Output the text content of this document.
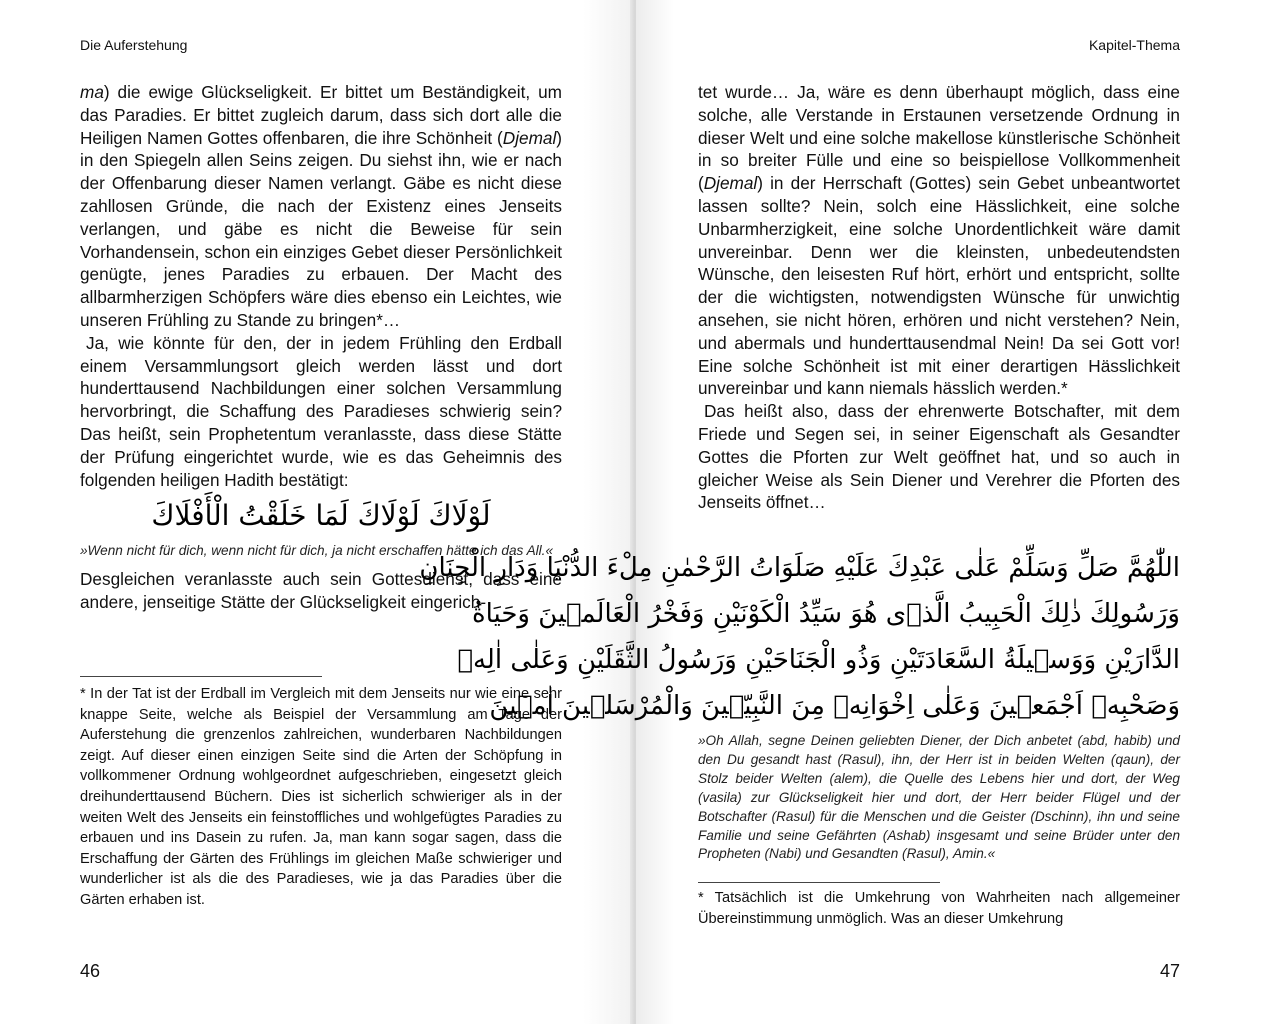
Die Auferstehung

ma) die ewige Glückseligkeit. Er bittet um Beständigkeit, um das Paradies. Er bittet zugleich darum, dass sich dort alle die Heiligen Namen Gottes offenbaren, die ihre Schönheit (Djemal) in den Spiegeln allen Seins zeigen. Du siehst ihn, wie er nach der Offenbarung dieser Namen verlangt. Gäbe es nicht diese zahllosen Gründe, die nach der Existenz eines Jenseits verlangen, und gäbe es nicht die Beweise für sein Vorhandensein, schon ein einziges Gebet dieser Persönlichkeit genügte, jenes Paradies zu erbauen. Der Macht des allbarmherzigen Schöpfers wäre dies ebenso ein Leichtes, wie unseren Frühling zu Stande zu bringen*…

Ja, wie könnte für den, der in jedem Frühling den Erdball einem Versammlungsort gleich werden lässt und dort hunderttausend Nachbildungen einer solchen Versammlung hervorbringt, die Schaffung des Paradieses schwierig sein? Das heißt, sein Prophetentum veranlasste, dass diese Stätte der Prüfung eingerichtet wurde, wie es das Geheimnis des folgenden heiligen Hadith bestätigt:

لَوْلَاكَ لَوْلَاكَ لَمَا خَلَقْتُ الْأَفْلَاكَ
»Wenn nicht für dich, wenn nicht für dich, ja nicht erschaffen hätte ich das All.«

Desgleichen veranlasste auch sein Gottesdienst, dass eine andere, jenseitige Stätte der Glückseligkeit eingerich-

* In der Tat ist der Erdball im Vergleich mit dem Jenseits nur wie eine sehr knappe Seite, welche als Beispiel der Versammlung am Tage der Auferstehung die grenzenlos zahlreichen, wunderbaren Nachbildungen zeigt. Auf dieser einen einzigen Seite sind die Arten der Schöpfung in vollkommener Ordnung wohlgeordnet aufgeschrieben, eingesetzt gleich dreihunderttausend Büchern. Dies ist sicherlich schwieriger als in der weiten Welt des Jenseits ein feinstoffliches und wohlgefügtes Paradies zu erbauen und ins Dasein zu rufen. Ja, man kann sogar sagen, dass die Erschaffung der Gärten des Frühlings im gleichen Maße schwieriger und wunderlicher ist als die des Paradieses, wie ja das Paradies über die Gärten erhaben ist.
46
Kapitel-Thema

tet wurde… Ja, wäre es denn überhaupt möglich, dass eine solche, alle Verstande in Erstaunen versetzende Ordnung in dieser Welt und eine solche makellose künstlerische Schönheit in so breiter Fülle und eine so beispiellose Vollkommenheit (Djemal) in der Herrschaft (Gottes) sein Gebet unbeantwortet lassen sollte? Nein, solch eine Hässlichkeit, eine solche Unbarmherzigkeit, eine solche Unordentlichkeit wäre damit unvereinbar. Denn wer die kleinsten, unbedeutendsten Wünsche, den leisesten Ruf hört, erhört und entspricht, sollte der die wichtigsten, notwendigsten Wünsche für unwichtig ansehen, sie nicht hören, erhören und nicht verstehen? Nein, und abermals und hunderttausendmal Nein! Da sei Gott vor! Eine solche Schönheit ist mit einer derartigen Hässlichkeit unvereinbar und kann niemals hässlich werden.*

Das heißt also, dass der ehrenwerte Botschafter, mit dem Friede und Segen sei, in seiner Eigenschaft als Gesandter Gottes die Pforten zur Welt geöffnet hat, und so auch in gleicher Weise als Sein Diener und Verehrer die Pforten des Jenseits öffnet…

اللّٰهُمَّ صَلِّ وَسَلِّمْ عَلٰى عَبْدِكَ عَلَيْهِ صَلَوَاتُ الرَّحْمٰنِ مِلْءَ الدُّنْيَا وَدَارِ الْجِنَانِ
وَرَسُولِكَ ذٰلِكَ الْحَبِيبُ الَّذ۪ى هُوَ سَيِّدُ الْكَوْنَيْنِ وَفَخْرُ الْعَالَم۪ينَ وَحَيَاةُ
الدَّارَيْنِ وَوَس۪يلَةُ السَّعَادَتَيْنِ وَذُو الْجَنَاحَيْنِ وَرَسُولُ الثَّقَلَيْنِ وَعَلٰى اٰلِه۪
وَصَحْبِه۪ اَجْمَع۪ينَ وَعَلٰى اِخْوَانِه۪ مِنَ النَّبِيّ۪ينَ وَالْمُرْسَل۪ينَ اٰم۪ينَ
»Oh Allah, segne Deinen geliebten Diener, der Dich anbetet (abd, habib) und den Du gesandt hast (Rasul), ihn, der Herr ist in beiden Welten (qaun), der Stolz beider Welten (alem), die Quelle des Lebens hier und dort, der Weg (vasila) zur Glückseligkeit hier und dort, der Herr beider Flügel und der Botschafter (Rasul) für die Menschen und die Geister (Dschinn), ihn und seine Familie und seine Gefährten (Ashab) insgesamt und seine Brüder unter den Propheten (Nabi) und Gesandten (Rasul), Amin.«
* Tatsächlich ist die Umkehrung von Wahrheiten nach allgemeiner Übereinstimmung unmöglich. Was an dieser Umkehrung
47
